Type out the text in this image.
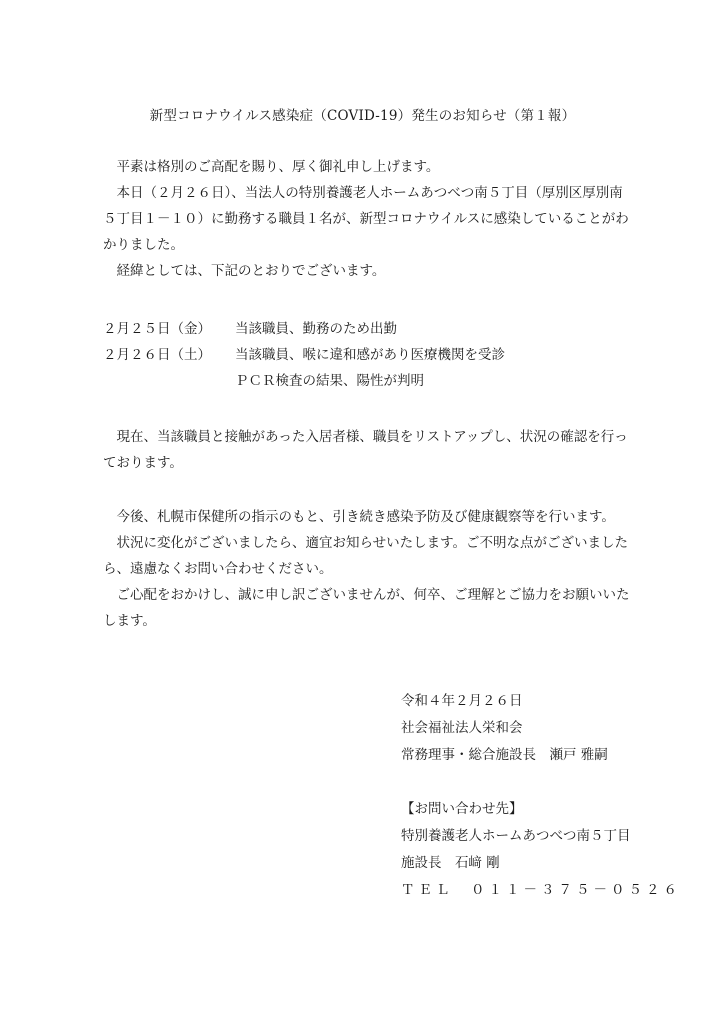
新型コロナウイルス感染症（COVID-19）発生のお知らせ（第１報）

平素は格別のご高配を賜り、厚く御礼申し上げます。

本日（２月２６日）、当法人の特別養護老人ホームあつべつ南５丁目（厚別区厚別南５丁目１－１０）に勤務する職員１名が、新型コロナウイルスに感染していることがわかりました。

経緯としては、下記のとおりでございます。

２月２５日（金） 当該職員、勤務のため出勤
２月２６日（土） 当該職員、喉に違和感があり医療機関を受診
ＰＣＲ検査の結果、陽性が判明

現在、当該職員と接触があった入居者様、職員をリストアップし、状況の確認を行っております。

今後、札幌市保健所の指示のもと、引き続き感染予防及び健康観察等を行います。

状況に変化がございましたら、適宜お知らせいたします。ご不明な点がございましたら、遠慮なくお問い合わせください。

ご心配をおかけし、誠に申し訳ございませんが、何卒、ご理解とご協力をお願いいたします。

令和４年２月２６日
社会福祉法人栄和会
常務理事・総合施設長　瀬戸 雅嗣
【お問い合わせ先】
特別養護老人ホームあつべつ南５丁目
施設長　石﨑 剛
ＴＥＬ　０１１－３７５－０５２６
